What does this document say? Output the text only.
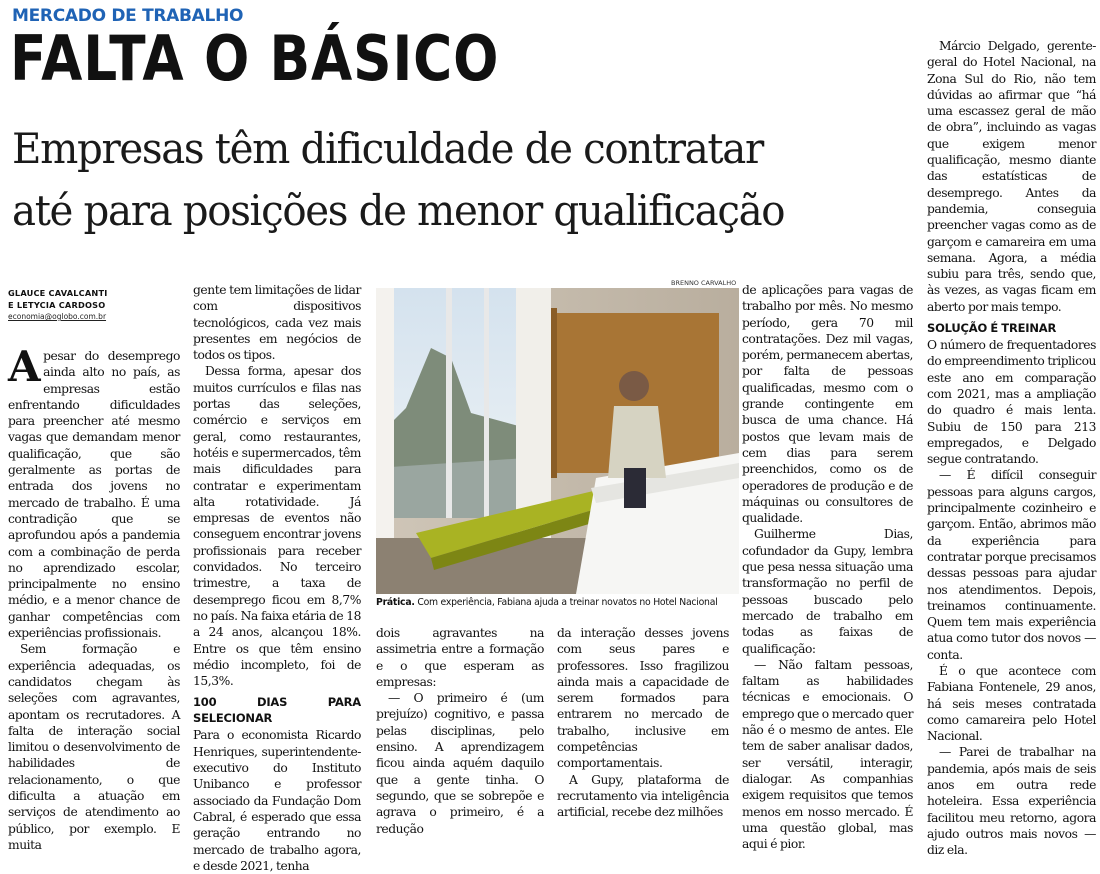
MERCADO DE TRABALHO
FALTA O BÁSICO
Empresas têm dificuldade de contratar
até para posições de menor qualificação
GLAUCE CAVALCANTI
E LETYCIA CARDOSO
economia@oglobo.com.br

Apesar do desemprego ainda alto no país, as empresas estão enfrentando dificuldades para preencher até mesmo vagas que demandam menor qualificação, que são geralmente as portas de entrada dos jovens no mercado de trabalho. É uma contradição que se aprofundou após a pandemia com a combinação de perda no aprendizado escolar, principalmente no ensino médio, e a menor chance de ganhar competências com experiências profissionais.

Sem formação e experiência adequadas, os candidatos chegam às seleções com agravantes, apontam os recrutadores. A falta de interação social limitou o desenvolvimento de habilidades de relacionamento, o que dificulta a atuação em serviços de atendimento ao público, por exemplo. E muita

gente tem limitações de lidar com dispositivos tecnológicos, cada vez mais presentes em negócios de todos os tipos.

Dessa forma, apesar dos muitos currículos e filas nas portas das seleções, comércio e serviços em geral, como restaurantes, hotéis e supermercados, têm mais dificuldades para contratar e experimentam alta rotatividade. Já empresas de eventos não conseguem encontrar jovens profissionais para receber convidados. No terceiro trimestre, a taxa de desemprego ficou em 8,7% no país. Na faixa etária de 18 a 24 anos, alcançou 18%. Entre os que têm ensino médio incompleto, foi de 15,3%.

100 DIAS PARA SELECIONAR

Para o economista Ricardo Henriques, superintendente-executivo do Instituto Unibanco e professor associado da Fundação Dom Cabral, é esperado que essa geração entrando no mercado de trabalho agora, e desde 2021, tenha

BRENNO CARVALHO
Prática. Com experiência, Fabiana ajuda a treinar novatos no Hotel Nacional

dois agravantes na assimetria entre a formação e o que esperam as empresas:

— O primeiro é (um prejuízo) cognitivo, e passa pelas disciplinas, pelo ensino. A aprendizagem ficou ainda aquém daquilo que a gente tinha. O segundo, que se sobrepõe e agrava o primeiro, é a redução

da interação desses jovens com seus pares e professores. Isso fragilizou ainda mais a capacidade de serem formados para entrarem no mercado de trabalho, inclusive em competências comportamentais.

A Gupy, plataforma de recrutamento via inteligência artificial, recebe dez milhões

de aplicações para vagas de trabalho por mês. No mesmo período, gera 70 mil contratações. Dez mil vagas, porém, permanecem abertas, por falta de pessoas qualificadas, mesmo com o grande contingente em busca de uma chance. Há postos que levam mais de cem dias para serem preenchidos, como os de operadores de produção e de máquinas ou consultores de qualidade.

Guilherme Dias, cofundador da Gupy, lembra que pesa nessa situação uma transformação no perfil de pessoas buscado pelo mercado de trabalho em todas as faixas de qualificação:

— Não faltam pessoas, faltam as habilidades técnicas e emocionais. O emprego que o mercado quer não é o mesmo de antes. Ele tem de saber analisar dados, ser versátil, interagir, dialogar. As companhias exigem requisitos que temos menos em nosso mercado. É uma questão global, mas aqui é pior.

Márcio Delgado, gerente-geral do Hotel Nacional, na Zona Sul do Rio, não tem dúvidas ao afirmar que “há uma escassez geral de mão de obra”, incluindo as vagas que exigem menor qualificação, mesmo diante das estatísticas de desemprego. Antes da pandemia, conseguia preencher vagas como as de garçom e camareira em uma semana. Agora, a média subiu para três, sendo que, às vezes, as vagas ficam em aberto por mais tempo.

SOLUÇÃO É TREINAR

O número de frequentadores do empreendimento triplicou este ano em comparação com 2021, mas a ampliação do quadro é mais lenta. Subiu de 150 para 213 empregados, e Delgado segue contratando.

— É difícil conseguir pessoas para alguns cargos, principalmente cozinheiro e garçom. Então, abrimos mão da experiência para contratar porque precisamos dessas pessoas para ajudar nos atendimentos. Depois, treinamos continuamente. Quem tem mais experiência atua como tutor dos novos — conta.

É o que acontece com Fabiana Fontenele, 29 anos, há seis meses contratada como camareira pelo Hotel Nacional.

— Parei de trabalhar na pandemia, após mais de seis anos em outra rede hoteleira. Essa experiência facilitou meu retorno, agora ajudo outros mais novos — diz ela.
